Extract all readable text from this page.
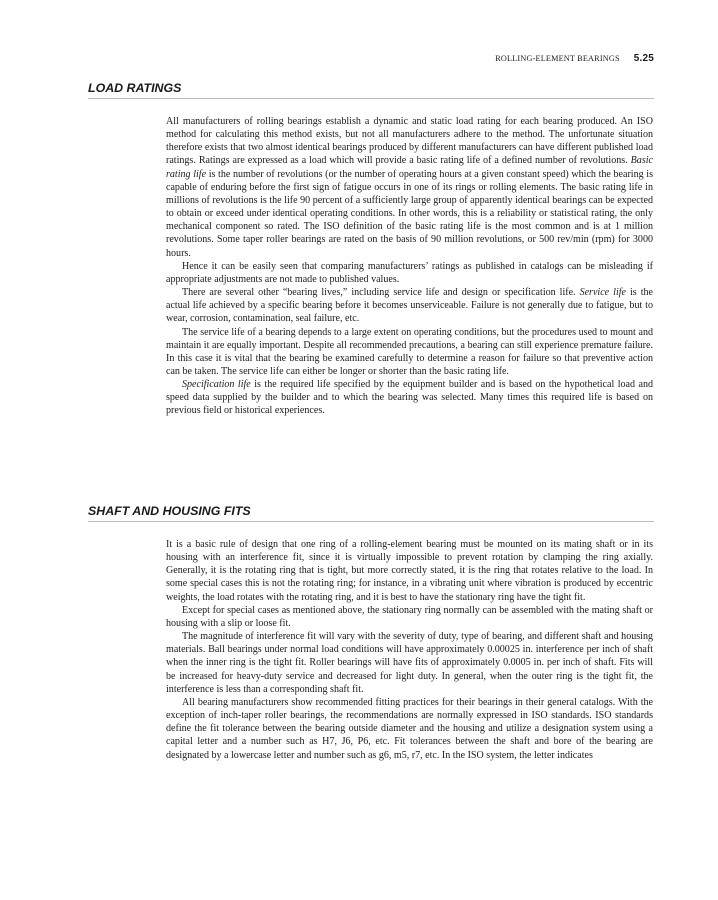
ROLLING-ELEMENT BEARINGS 5.25
LOAD RATINGS

All manufacturers of rolling bearings establish a dynamic and static load rating for each bearing produced. An ISO method for calculating this method exists, but not all manufacturers adhere to the method. The unfortunate situation therefore exists that two almost identical bearings produced by different manufacturers can have different published load ratings. Ratings are expressed as a load which will provide a basic rating life of a defined number of revolutions. Basic rating life is the number of revolutions (or the number of operating hours at a given constant speed) which the bearing is capable of enduring before the first sign of fatigue occurs in one of its rings or rolling elements. The basic rating life in millions of revolutions is the life 90 percent of a sufficiently large group of apparently identical bearings can be expected to obtain or exceed under identical operating conditions. In other words, this is a reliability or statistical rating, the only mechanical component so rated. The ISO definition of the basic rating life is the most common and is at 1 million revolutions. Some taper roller bearings are rated on the basis of 90 million revolutions, or 500 rev/min (rpm) for 3000 hours.

Hence it can be easily seen that comparing manufacturers’ ratings as published in catalogs can be misleading if appropriate adjustments are not made to published values.

There are several other “bearing lives,” including service life and design or specification life. Service life is the actual life achieved by a specific bearing before it becomes unserviceable. Failure is not generally due to fatigue, but to wear, corrosion, contamination, seal failure, etc.

The service life of a bearing depends to a large extent on operating conditions, but the procedures used to mount and maintain it are equally important. Despite all recommended precautions, a bearing can still experience premature failure. In this case it is vital that the bearing be examined carefully to determine a reason for failure so that preventive action can be taken. The service life can either be longer or shorter than the basic rating life.

Specification life is the required life specified by the equipment builder and is based on the hypothetical load and speed data supplied by the builder and to which the bearing was selected. Many times this required life is based on previous field or historical experiences.

SHAFT AND HOUSING FITS

It is a basic rule of design that one ring of a rolling-element bearing must be mounted on its mating shaft or in its housing with an interference fit, since it is virtually impossible to prevent rotation by clamping the ring axially. Generally, it is the rotating ring that is tight, but more correctly stated, it is the ring that rotates relative to the load. In some special cases this is not the rotating ring; for instance, in a vibrating unit where vibration is produced by eccentric weights, the load rotates with the rotating ring, and it is best to have the stationary ring have the tight fit.

Except for special cases as mentioned above, the stationary ring normally can be assembled with the mating shaft or housing with a slip or loose fit.

The magnitude of interference fit will vary with the severity of duty, type of bearing, and different shaft and housing materials. Ball bearings under normal load conditions will have approximately 0.00025 in. interference per inch of shaft when the inner ring is the tight fit. Roller bearings will have fits of approximately 0.0005 in. per inch of shaft. Fits will be increased for heavy-duty service and decreased for light duty. In general, when the outer ring is the tight fit, the interference is less than a corresponding shaft fit.

All bearing manufacturers show recommended fitting practices for their bearings in their general catalogs. With the exception of inch-taper roller bearings, the recommendations are normally expressed in ISO standards. ISO standards define the fit tolerance between the bearing outside diameter and the housing and utilize a designation system using a capital letter and a number such as H7, J6, P6, etc. Fit tolerances between the shaft and bore of the bearing are designated by a lowercase letter and number such as g6, m5, r7, etc. In the ISO system, the letter indicates
